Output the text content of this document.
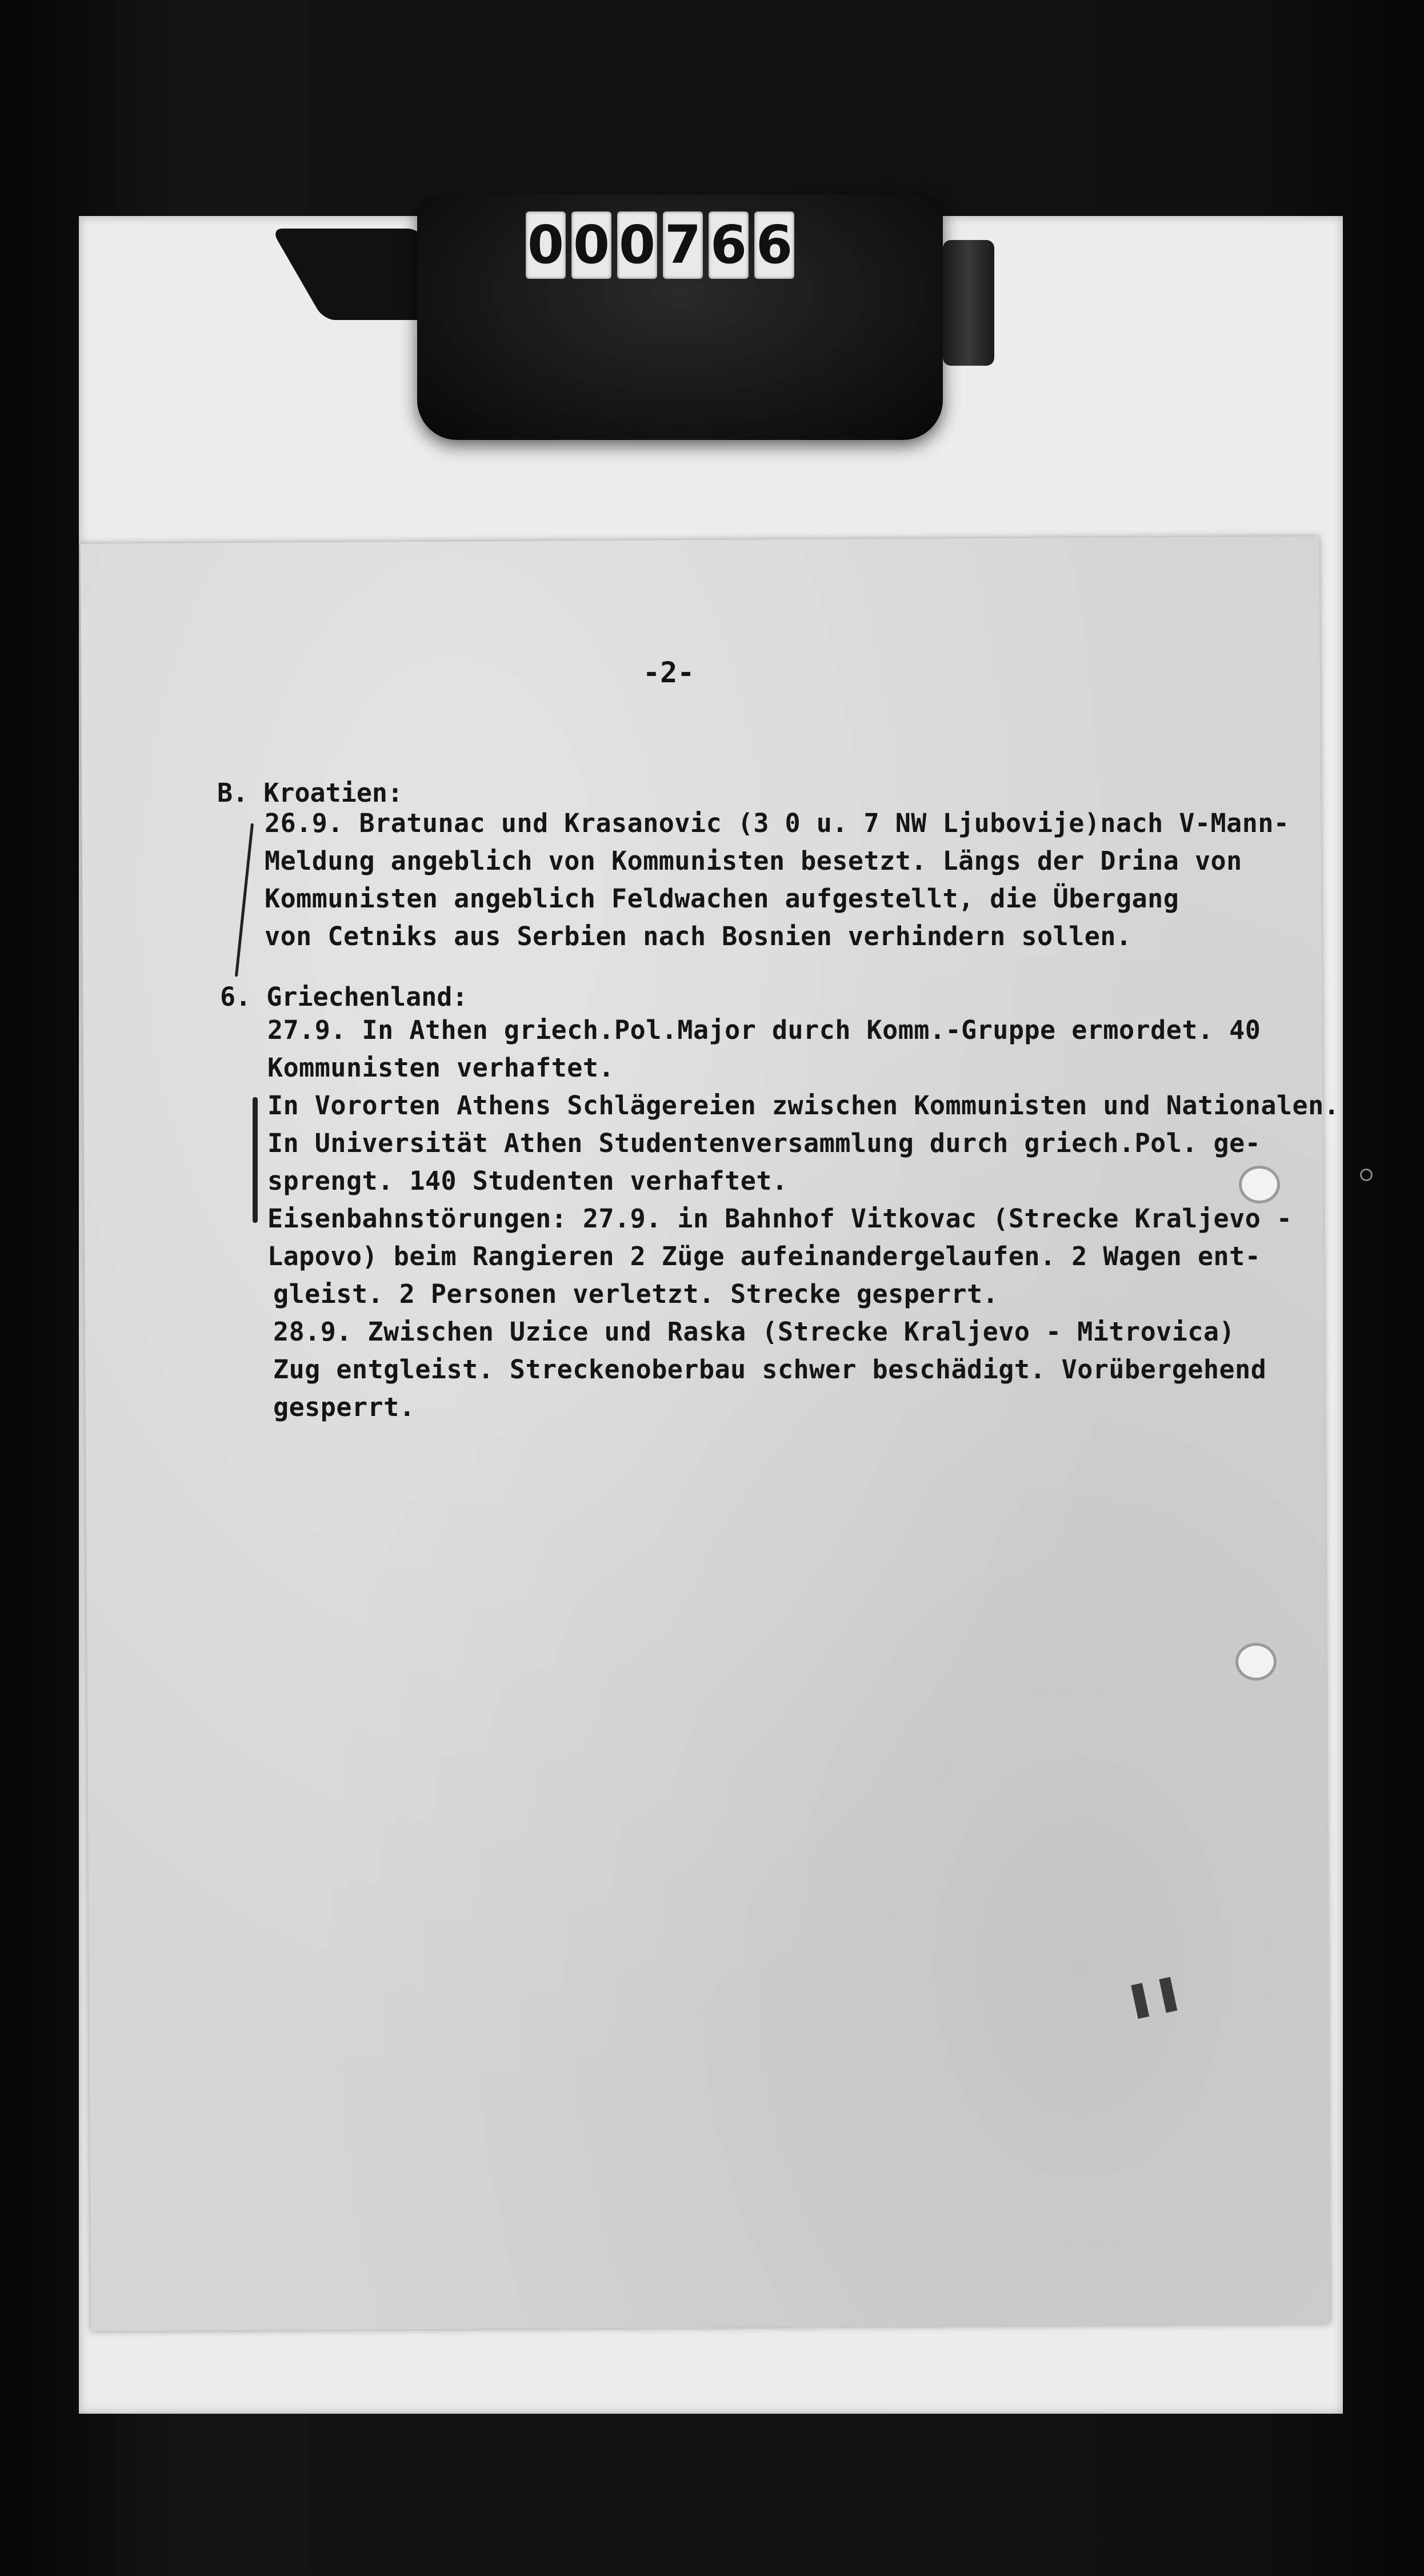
0 0 0 7 6 6
-2-
B. Kroatien:
26.9. Bratunac und Krasanovic (3 0 u. 7 NW Ljubovije)nach V-Mann-
Meldung angeblich von Kommunisten besetzt. Längs der Drina von
Kommunisten angeblich Feldwachen aufgestellt, die Übergang
von Cetniks aus Serbien nach Bosnien verhindern sollen.
6. Griechenland:
27.9. In Athen griech.Pol.Major durch Komm.-Gruppe ermordet. 40
Kommunisten verhaftet.
In Vororten Athens Schlägereien zwischen Kommunisten und Nationalen.
In Universität Athen Studentenversammlung durch griech.Pol. ge-
sprengt. 140 Studenten verhaftet.
Eisenbahnstörungen: 27.9. in Bahnhof Vitkovac (Strecke Kraljevo -
Lapovo) beim Rangieren 2 Züge aufeinandergelaufen. 2 Wagen ent-
gleist. 2 Personen verletzt. Strecke gesperrt.
28.9. Zwischen Uzice und Raska (Strecke Kraljevo - Mitrovica)
Zug entgleist. Streckenoberbau schwer beschädigt. Vorübergehend
gesperrt.
❚❚
